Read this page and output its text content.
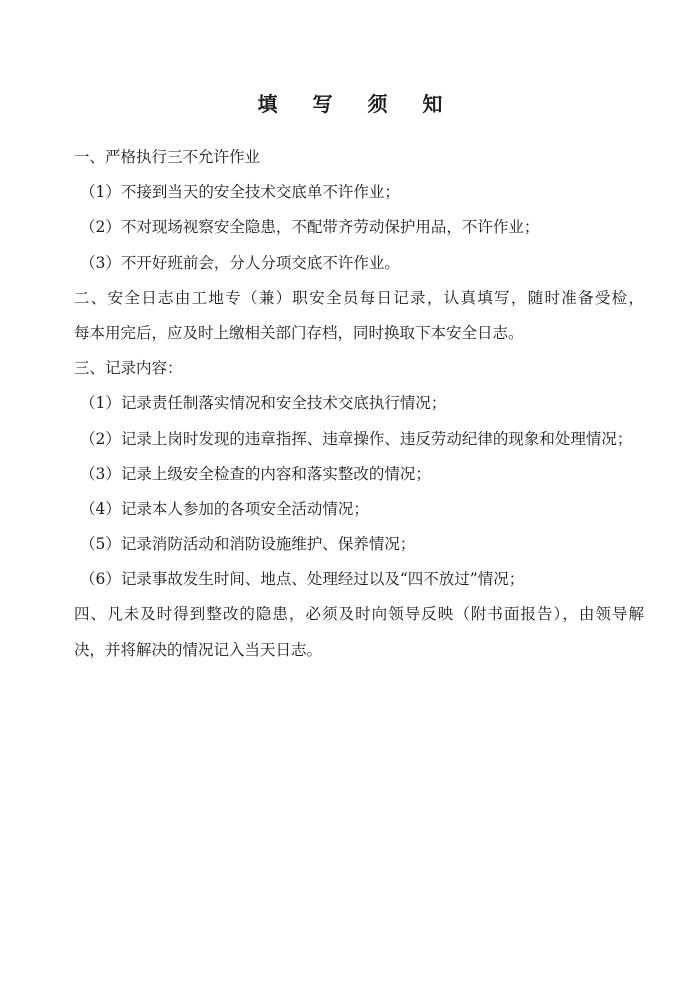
填 写 须 知
一、严格执行三不允许作业
（1）不接到当天的安全技术交底单不许作业；
（2）不对现场视察安全隐患，不配带齐劳动保护用品，不许作业；
（3）不开好班前会，分人分项交底不许作业。
二、安全日志由工地专（兼）职安全员每日记录，认真填写，随时准备受检，
每本用完后，应及时上缴相关部门存档，同时换取下本安全日志。
三、记录内容：
（1）记录责任制落实情况和安全技术交底执行情况；
（2）记录上岗时发现的违章指挥、违章操作、违反劳动纪律的现象和处理情况；
（3）记录上级安全检查的内容和落实整改的情况；
（4）记录本人参加的各项安全活动情况；
（5）记录消防活动和消防设施维护、保养情况；
（6）记录事故发生时间、地点、处理经过以及“四不放过”情况；
四、凡未及时得到整改的隐患，必须及时向领导反映（附书面报告），由领导解
决，并将解决的情况记入当天日志。
